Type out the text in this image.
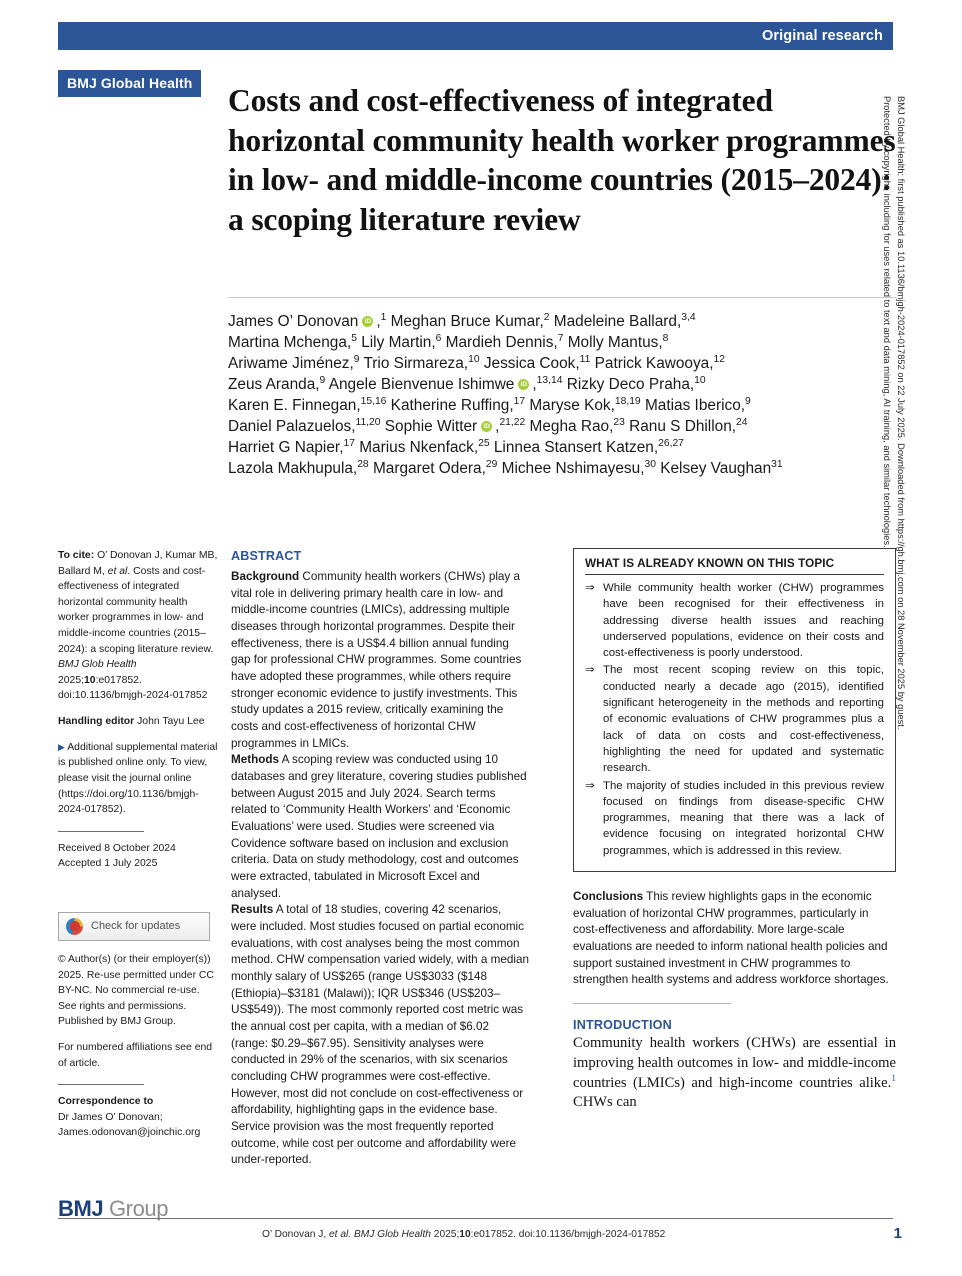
Original research
BMJ Global Health
Costs and cost-effectiveness of integrated horizontal community health worker programmes in low- and middle-income countries (2015–2024): a scoping literature review
James O’ Donovan iD ,$^1$ Meghan Bruce Kumar,$^2$ Madeleine Ballard,$^{3,4}$
Martina Mchenga,$^5$ Lily Martin,$^6$ Mardieh Dennis,$^7$ Molly Mantus,$^8$
Ariwame Jiménez,$^9$ Trio Sirmareza,$^{10}$ Jessica Cook,$^{11}$ Patrick Kawooya,$^{12}$
Zeus Aranda,$^9$ Angele Bienvenue Ishimwe iD ,$^{13,14}$ Rizky Deco Praha,$^{10}$
Karen E. Finnegan,$^{15,16}$ Katherine Ruffing,$^{17}$ Maryse Kok,$^{18,19}$ Matias Iberico,$^9$
Daniel Palazuelos,$^{11,20}$ Sophie Witter iD ,$^{21,22}$ Megha Rao,$^{23}$ Ranu S Dhillon,$^{24}$
Harriet G Napier,$^{17}$ Marius Nkenfack,$^{25}$ Linnea Stansert Katzen,$^{26,27}$
Lazola Makhupula,$^{28}$ Margaret Odera,$^{29}$ Michee Nshimayesu,$^{30}$ Kelsey Vaughan$^{31}$

To cite: O’ Donovan J, Kumar MB, Ballard M, et al. Costs and cost-effectiveness of integrated horizontal community health worker programmes in low- and middle-income countries (2015–2024): a scoping literature review. BMJ Glob Health 2025;10:e017852. doi:10.1136/bmjgh-2024-017852

Handling editor John Tayu Lee

▶ Additional supplemental material is published online only. To view, please visit the journal online (https://doi.org/10.1136/bmjgh-2024-017852).

Received 8 October 2024

Accepted 1 July 2025

Check for updates

© Author(s) (or their employer(s)) 2025. Re-use permitted under CC BY-NC. No commercial re-use. See rights and permissions. Published by BMJ Group.

For numbered affiliations see end of article.

Correspondence to

Dr James O’ Donovan;

James.odonovan@joinchic.org

BMJ Group
ABSTRACT

Background Community health workers (CHWs) play a vital role in delivering primary health care in low- and middle-income countries (LMICs), addressing multiple diseases through horizontal programmes. Despite their effectiveness, there is a US$4.4 billion annual funding gap for professional CHW programmes. Some countries have adopted these programmes, while others require stronger economic evidence to justify investments. This study updates a 2015 review, critically examining the costs and cost-effectiveness of horizontal CHW programmes in LMICs.

Methods A scoping review was conducted using 10 databases and grey literature, covering studies published between August 2015 and July 2024. Search terms related to ‘Community Health Workers’ and ‘Economic Evaluations’ were used. Studies were screened via Covidence software based on inclusion and exclusion criteria. Data on study methodology, cost and outcomes were extracted, tabulated in Microsoft Excel and analysed.

Results A total of 18 studies, covering 42 scenarios, were included. Most studies focused on partial economic evaluations, with cost analyses being the most common method. CHW compensation varied widely, with a median monthly salary of US$265 (range US$3033 ($148 (Ethiopia)–$3181 (Malawi)); IQR US$346 (US$203–US$549)). The most commonly reported cost metric was the annual cost per capita, with a median of $6.02 (range: $0.29–$67.95). Sensitivity analyses were conducted in 29% of the scenarios, with six scenarios concluding CHW programmes were cost-effective. However, most did not conclude on cost-effectiveness or affordability, highlighting gaps in the evidence base. Service provision was the most frequently reported outcome, while cost per outcome and affordability were under-reported.

WHAT IS ALREADY KNOWN ON THIS TOPIC
⇒ While community health worker (CHW) programmes have been recognised for their effectiveness in addressing diverse health issues and reaching underserved populations, evidence on their costs and cost-effectiveness is poorly understood.
⇒ The most recent scoping review on this topic, conducted nearly a decade ago (2015), identified significant heterogeneity in the methods and reporting of economic evaluations of CHW programmes plus a lack of data on costs and cost-effectiveness, highlighting the need for updated and systematic research.
⇒ The majority of studies included in this previous review focused on findings from disease-specific CHW programmes, meaning that there was a lack of evidence focusing on integrated horizontal CHW programmes, which is addressed in this review.

Conclusions This review highlights gaps in the economic evaluation of horizontal CHW programmes, particularly in cost-effectiveness and affordability. More large-scale evaluations are needed to inform national health policies and support sustained investment in CHW programmes to strengthen health systems and address workforce shortages.

INTRODUCTION

Community health workers (CHWs) are essential in improving health outcomes in low- and middle-income countries (LMICs) and high-income countries alike.$^1$ CHWs can

O’ Donovan J, et al. BMJ Glob Health 2025;10:e017852. doi:10.1136/bmjgh-2024-017852	1
BMJ Global Health: first published as 10.1136/bmjgh-2024-017852 on 22 July 2025. Downloaded from https://gh.bmj.com on 28 November 2025 by guest.
Protected by copyright, including for uses related to text and data mining, AI training, and similar technologies.
